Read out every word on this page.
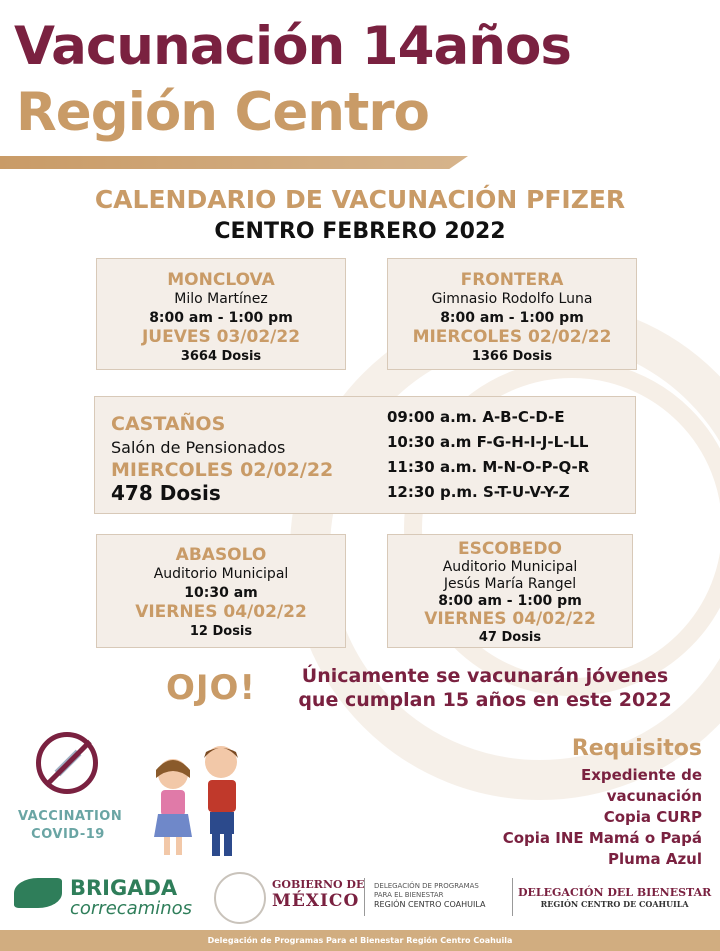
Vacunación 14años
Región Centro
CALENDARIO DE VACUNACIÓN PFIZER
CENTRO FEBRERO 2022
MONCLOVA
Milo Martínez
8:00 am - 1:00 pm
JUEVES 03/02/22
3664 Dosis
FRONTERA
Gimnasio Rodolfo Luna
8:00 am - 1:00 pm
MIERCOLES 02/02/22
1366 Dosis
CASTAÑOS
Salón de Pensionados
MIERCOLES 02/02/22
478 Dosis
09:00 a.m. A-B-C-D-E
10:30 a.m F-G-H-I-J-L-LL
11:30 a.m. M-N-O-P-Q-R
12:30 p.m. S-T-U-V-Y-Z
ABASOLO
Auditorio Municipal
10:30 am
VIERNES 04/02/22
12 Dosis
ESCOBEDO
Auditorio Municipal
Jesús María Rangel
8:00 am - 1:00 pm
VIERNES 04/02/22
47 Dosis
OJO!	Únicamente se vacunarán jóvenes
que cumplan 15 años en este 2022
VACCINATION
COVID-19
Requisitos
Expediente de
vacunación
Copia CURP
Copia INE Mamá o Papá
Pluma Azul
BRIGADA
correcaminos
GOBIERNO DE
MÉXICO
DELEGACIÓN DE PROGRAMAS
PARA EL BIENESTAR
REGIÓN CENTRO COAHUILA
DELEGACIÓN DEL BIENESTAR
REGIÓN CENTRO DE COAHUILA
Delegación de Programas Para el Bienestar Región Centro Coahuila
